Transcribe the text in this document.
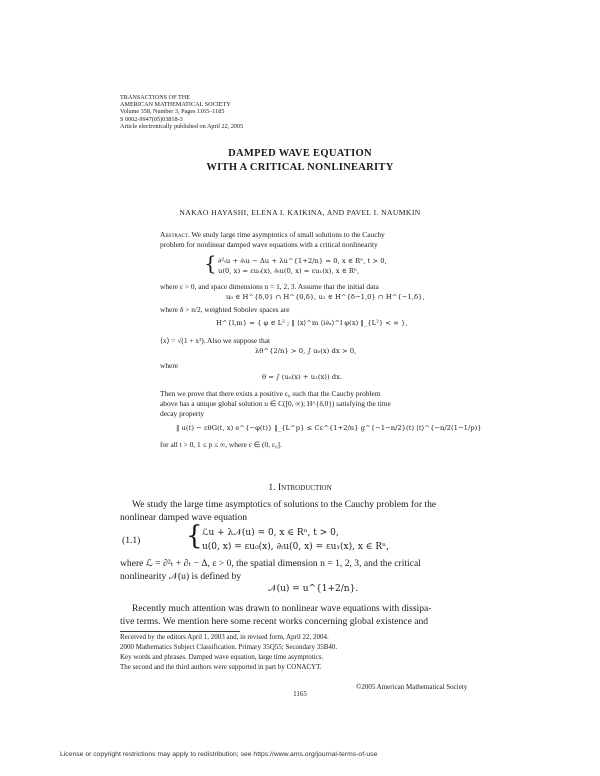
TRANSACTIONS OF THE
AMERICAN MATHEMATICAL SOCIETY
Volume 358, Number 3, Pages 1165–1185
S 0002-9947(05)03818-3
Article electronically published on April 22, 2005
DAMPED WAVE EQUATION
WITH A CRITICAL NONLINEARITY
NAKAO HAYASHI, ELENA I. KAIKINA, AND PAVEL I. NAUMKIN
Abstract. We study large time asymptotics of small solutions to the Cauchy
problem for nonlinear damped wave equations with a critical nonlinearity
{ ∂²ₜu + ∂ₜu − Δu + λu^{1+2/n} = 0, x ∈ Rⁿ, t > 0,
u(0, x) = εu₀(x), ∂ₜu(0, x) = εu₁(x), x ∈ Rⁿ,
where ε > 0, and space dimensions n = 1, 2, 3. Assume that the initial data
u₀ ∈ H^{δ,0} ∩ H^{0,δ}, u₁ ∈ H^{δ−1,0} ∩ H^{−1,δ},
where δ > n/2, weighted Sobolev spaces are
H^{l,m} = { φ ∈ L² ; ‖ ⟨x⟩^m ⟨i∂ₓ⟩^l φ(x) ‖_{L²} < ∞ },
⟨x⟩ = √(1 + x²). Also we suppose that
λθ^{2/n} > 0, ∫ u₀(x) dx > 0,
where
θ = ∫ (u₀(x) + u₁(x)) dx.
Then we prove that there exists a positive ε₀ such that the Cauchy problem
above has a unique global solution u ∈ C([0, ∞); H^{δ,0}) satisfying the time
decay property
‖ u(t) − εθG(t, x) e^{−φ(t)} ‖_{L^p} ≤ Cε^{1+2/n} g^{−1−n/2}(t) ⟨t⟩^{−n/2(1−1/p)}
for all t > 0, 1 ≤ p ≤ ∞, where ε ∈ (0, ε₀].
1. Introduction
We study the large time asymptotics of solutions to the Cauchy problem for the
nonlinear damped wave equation
(1.1) { ℒu + λ𝒩(u) = 0, x ∈ Rⁿ, t > 0,
u(0, x) = εu₀(x), ∂ₜu(0, x) = εu₁(x), x ∈ Rⁿ,
where ℒ = ∂²ₜ + ∂ₜ − Δ, ε > 0, the spatial dimension n = 1, 2, 3, and the critical
nonlinearity 𝒩(u) is defined by
𝒩(u) = u^{1+2/n}.
Recently much attention was drawn to nonlinear wave equations with dissipa-
tive terms. We mention here some recent works concerning global existence and
Received by the editors April 1, 2003 and, in revised form, April 22, 2004.
2000 Mathematics Subject Classification. Primary 35Q55; Secondary 35B40.
Key words and phrases. Damped wave equation, large time asymptotics.
The second and the third authors were supported in part by CONACYT.
©2005 American Mathematical Society
1165
License or copyright restrictions may apply to redistribution; see https://www.ams.org/journal-terms-of-use
